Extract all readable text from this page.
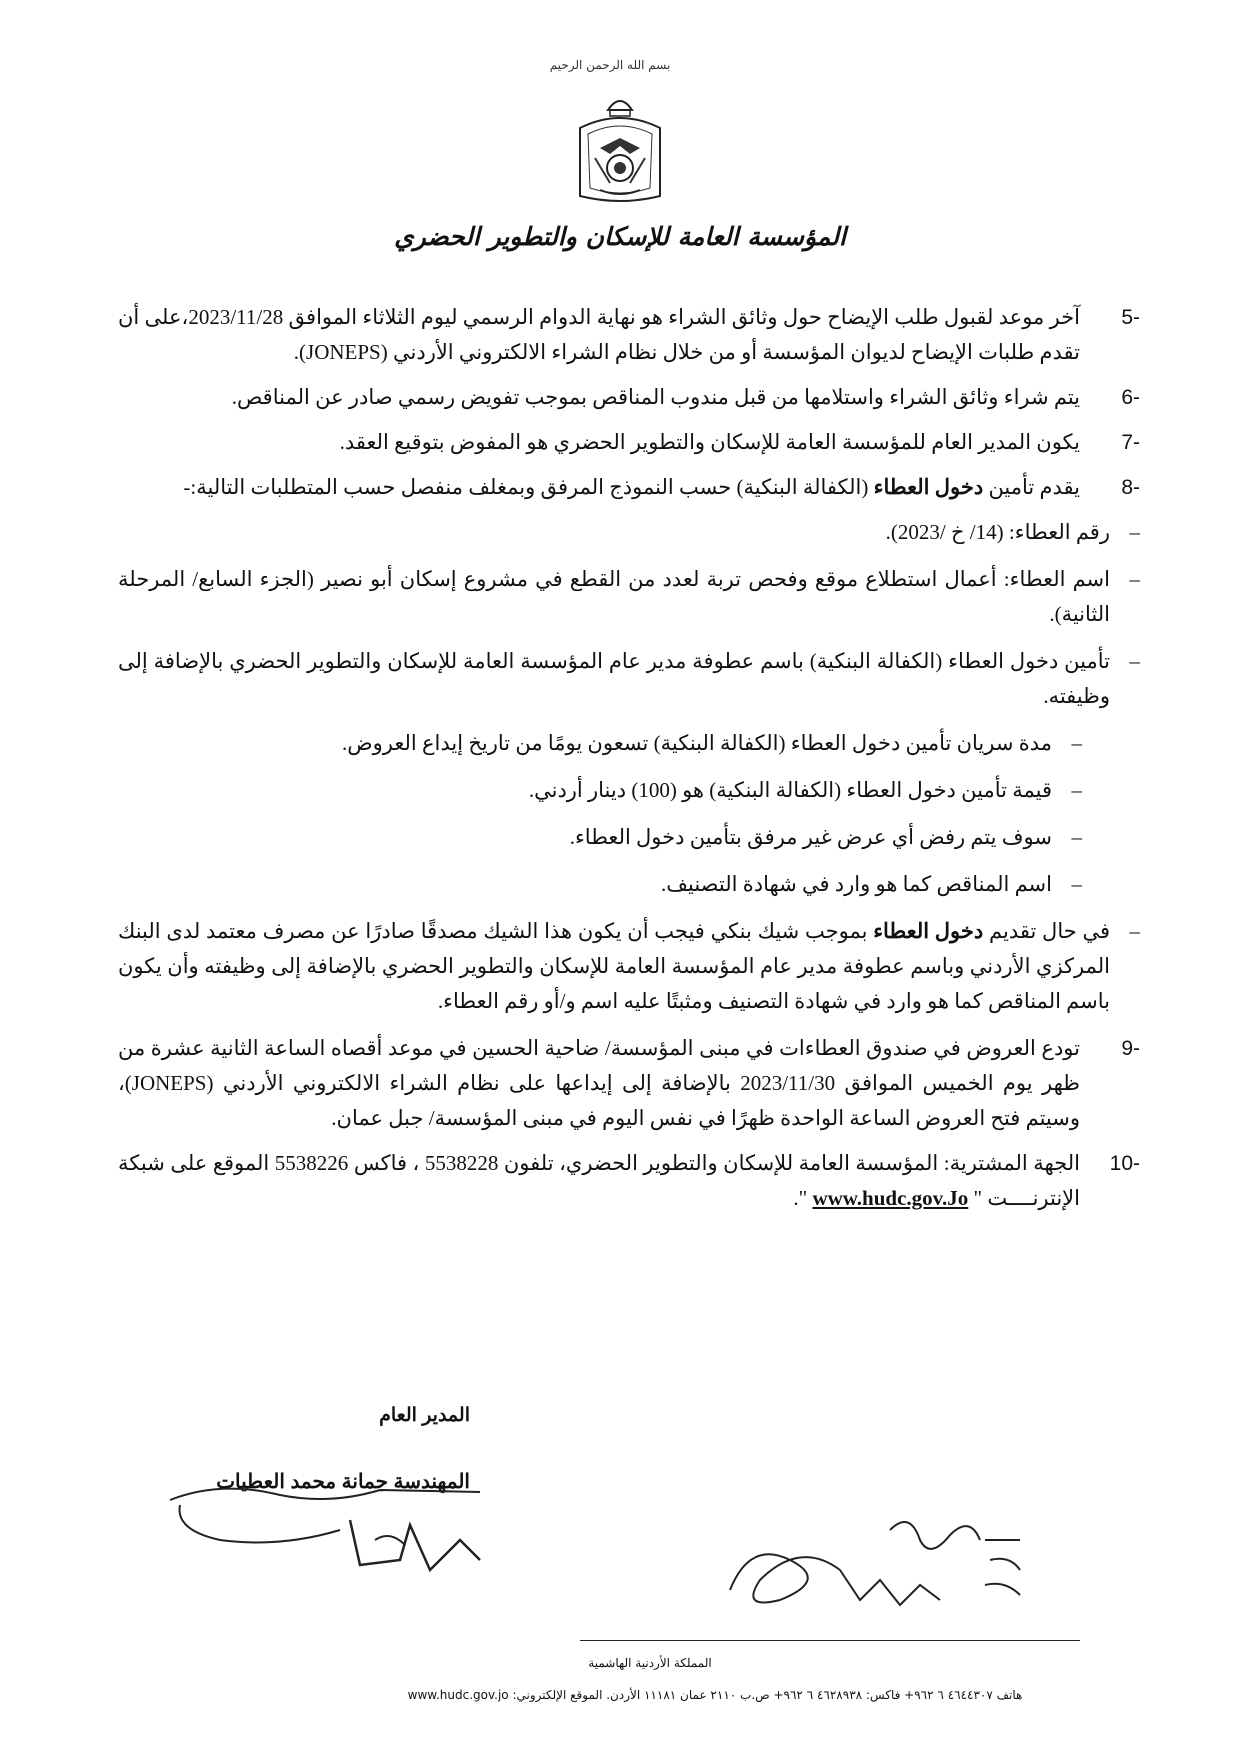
بسم الله الرحمن الرحيم
المؤسسة العامة للإسكان والتطوير الحضري
-5
آخر موعد لقبول طلب الإيضاح حول وثائق الشراء هو نهاية الدوام الرسمي ليوم الثلاثاء الموافق 2023/11/28،على أن تقدم طلبات الإيضاح لديوان المؤسسة أو من خلال نظام الشراء الالكتروني الأردني (JONEPS).
-6
يتم شراء وثائق الشراء واستلامها من قبل مندوب المناقص بموجب تفويض رسمي صادر عن المناقص.
-7
يكون المدير العام للمؤسسة العامة للإسكان والتطوير الحضري هو المفوض بتوقيع العقد.
-8
يقدم تأمين دخول العطاء (الكفالة البنكية) حسب النموذج المرفق وبمغلف منفصل حسب المتطلبات التالية:-
–
رقم العطاء: (14/ خ /2023).
–
اسم العطاء: أعمال استطلاع موقع وفحص تربة لعدد من القطع في مشروع إسكان أبو نصير (الجزء السابع/ المرحلة الثانية).
–
تأمين دخول العطاء (الكفالة البنكية) باسم عطوفة مدير عام المؤسسة العامة للإسكان والتطوير الحضري بالإضافة إلى وظيفته.
–
مدة سريان تأمين دخول العطاء (الكفالة البنكية) تسعون يومًا من تاريخ إيداع العروض.
–
قيمة تأمين دخول العطاء (الكفالة البنكية) هو (100) دينار أردني.
–
سوف يتم رفض أي عرض غير مرفق بتأمين دخول العطاء.
–
اسم المناقص كما هو وارد في شهادة التصنيف.
–
في حال تقديم دخول العطاء بموجب شيك بنكي فيجب أن يكون هذا الشيك مصدقًا صادرًا عن مصرف معتمد لدى البنك المركزي الأردني وباسم عطوفة مدير عام المؤسسة العامة للإسكان والتطوير الحضري بالإضافة إلى وظيفته وأن يكون باسم المناقص كما هو وارد في شهادة التصنيف ومثبتًا عليه اسم و/أو رقم العطاء.
-9
تودع العروض في صندوق العطاءات في مبنى المؤسسة/ ضاحية الحسين في موعد أقصاه الساعة الثانية عشرة من ظهر يوم الخميس الموافق 2023/11/30 بالإضافة إلى إيداعها على نظام الشراء الالكتروني الأردني (JONEPS)، وسيتم فتح العروض الساعة الواحدة ظهرًا في نفس اليوم في مبنى المؤسسة/ جبل عمان.
-10
الجهة المشترية: المؤسسة العامة للإسكان والتطوير الحضري، تلفون 5538228 ، فاكس 5538226 الموقع على شبكة الإنترنــــت " www.hudc.gov.Jo ".
المدير العام
المهندسة جمانة محمد العطيات
المملكة الأردنية الهاشمية
هاتف ٤٦٤٤٣٠٧ ٦ ٩٦٢+ فاكس: ٤٦٢٨٩٣٨ ٦ ٩٦٢+ ص.ب ٢١١٠ عمان ١١١٨١ الأردن. الموقع الإلكتروني: www.hudc.gov.jo
